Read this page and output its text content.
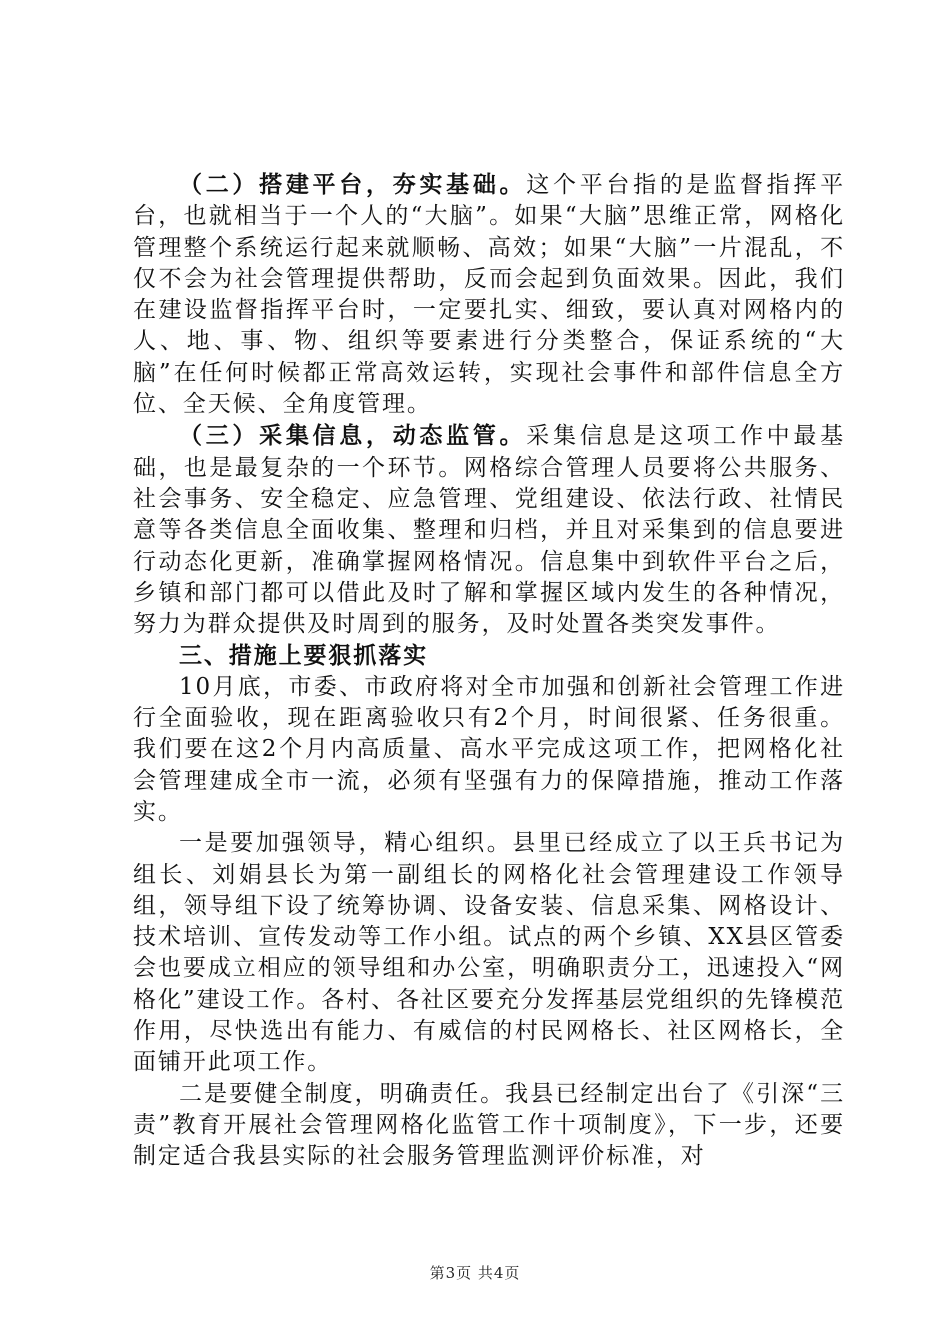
（二）搭建平台，夯实基础。这个平台指的是监督指挥平台，也就相当于一个人的“大脑”。如果“大脑”思维正常，网格化管理整个系统运行起来就顺畅、高效；如果“大脑”一片混乱，不仅不会为社会管理提供帮助，反而会起到负面效果。因此，我们在建设监督指挥平台时，一定要扎实、细致，要认真对网格内的人、地、事、物、组织等要素进行分类整合，保证系统的“大脑”在任何时候都正常高效运转，实现社会事件和部件信息全方位、全天候、全角度管理。

（三）采集信息，动态监管。采集信息是这项工作中最基础，也是最复杂的一个环节。网格综合管理人员要将公共服务、社会事务、安全稳定、应急管理、党组建设、依法行政、社情民意等各类信息全面收集、整理和归档，并且对采集到的信息要进行动态化更新，准确掌握网格情况。信息集中到软件平台之后，乡镇和部门都可以借此及时了解和掌握区域内发生的各种情况，努力为群众提供及时周到的服务，及时处置各类突发事件。

三、措施上要狠抓落实

10月底，市委、市政府将对全市加强和创新社会管理工作进行全面验收，现在距离验收只有2个月，时间很紧、任务很重。我们要在这2个月内高质量、高水平完成这项工作，把网格化社会管理建成全市一流，必须有坚强有力的保障措施，推动工作落实。

一是要加强领导，精心组织。县里已经成立了以王兵书记为组长、刘娟县长为第一副组长的网格化社会管理建设工作领导组，领导组下设了统筹协调、设备安装、信息采集、网格设计、技术培训、宣传发动等工作小组。试点的两个乡镇、XX县区管委会也要成立相应的领导组和办公室，明确职责分工，迅速投入“网格化”建设工作。各村、各社区要充分发挥基层党组织的先锋模范作用，尽快选出有能力、有威信的村民网格长、社区网格长，全面铺开此项工作。

二是要健全制度，明确责任。我县已经制定出台了《引深“三责”教育开展社会管理网格化监管工作十项制度》，下一步，还要制定适合我县实际的社会服务管理监测评价标准，对

第3页 共4页
